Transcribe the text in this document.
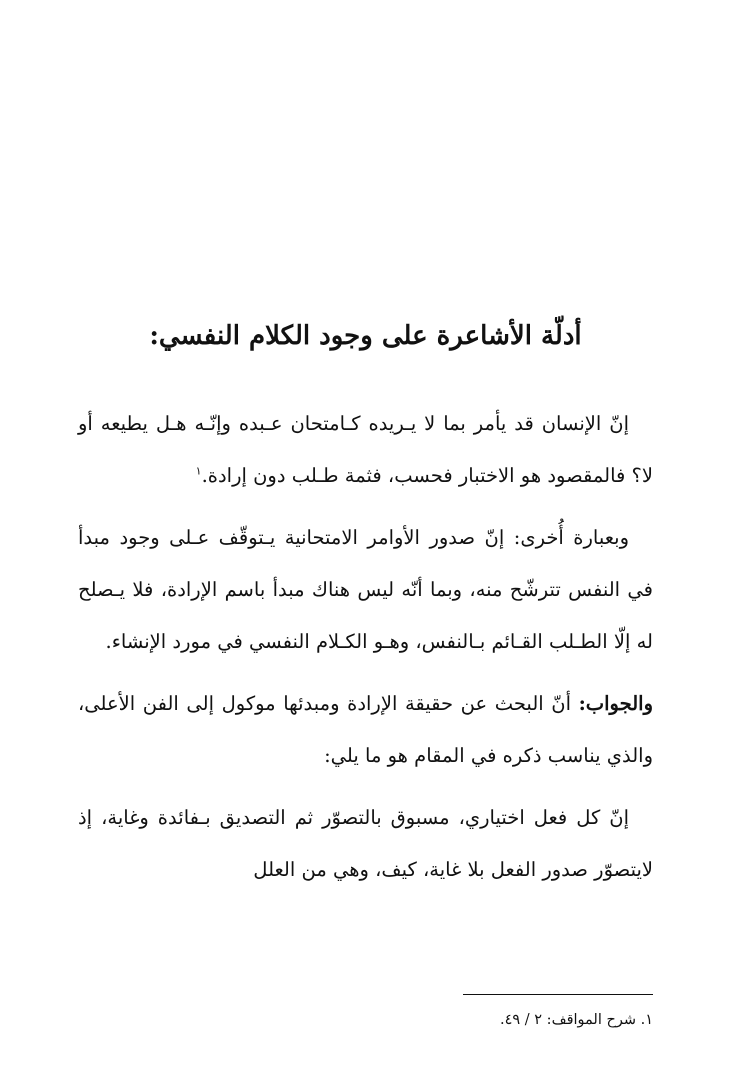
أدلّة الأشاعرة على وجود الكلام النفسي:

إنّ الإنسان قد يأمر بما لا يـريده كـامتحان عـبده وإنّـه هـل يطيعه أو لا؟ فالمقصود هو الاختبار فحسب، فثمة طـلب دون إرادة.$^١$

وبعبارة أُخرى: إنّ صدور الأوامر الامتحانية يـتوقّف عـلى وجود مبدأ في النفس تترشّح منه، وبما أنّه ليس هناك مبدأ باسم الإرادة، فلا يـصلح له إلّا الطـلب القـائم بـالنفس، وهـو الكـلام النفسي في مورد الإنشاء.

والجواب: أنّ البحث عن حقيقة الإرادة ومبدئها موكول إلى الفن الأعلى، والذي يناسب ذكره في المقام هو ما يلي:

إنّ كل فعل اختياري، مسبوق بالتصوّر ثم التصديق بـفائدة وغاية، إذ لايتصوّر صدور الفعل بلا غاية، كيف، وهي من العلل

١. شرح المواقف: ٢ / ٤٩.
